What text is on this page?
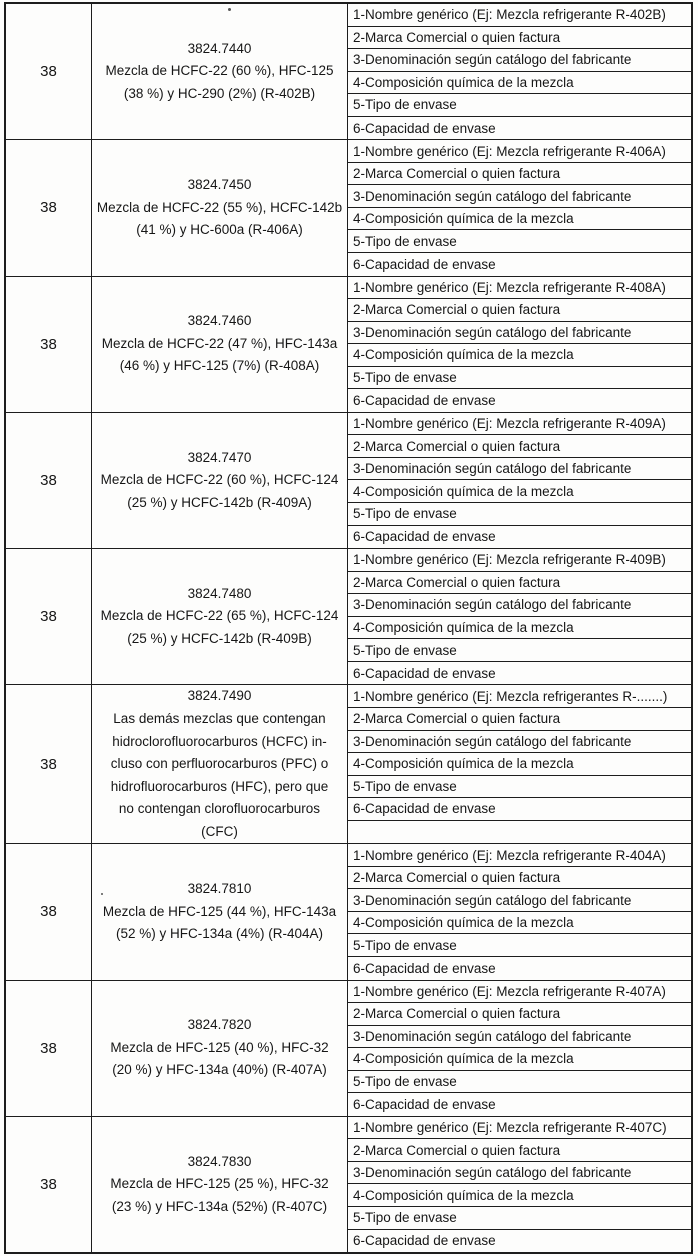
38
3824.7440
Mezcla de HCFC-22 (60 %), HFC-125
(38 %) y HC-290 (2%) (R-402B)
1-Nombre genérico (Ej: Mezcla refrigerante R-402B)
2-Marca Comercial o quien factura
3-Denominación según catálogo del fabricante
4-Composición química de la mezcla
5-Tipo de envase
6-Capacidad de envase
38
3824.7450
Mezcla de HCFC-22 (55 %), HCFC-142b
(41 %) y HC-600a (R-406A)
1-Nombre genérico (Ej: Mezcla refrigerante R-406A)
2-Marca Comercial o quien factura
3-Denominación según catálogo del fabricante
4-Composición química de la mezcla
5-Tipo de envase
6-Capacidad de envase
38
3824.7460
Mezcla de HCFC-22 (47 %), HFC-143a
(46 %) y HFC-125 (7%) (R-408A)
1-Nombre genérico (Ej: Mezcla refrigerante R-408A)
2-Marca Comercial o quien factura
3-Denominación según catálogo del fabricante
4-Composición química de la mezcla
5-Tipo de envase
6-Capacidad de envase
38
3824.7470
Mezcla de HCFC-22 (60 %), HCFC-124
(25 %) y HCFC-142b (R-409A)
1-Nombre genérico (Ej: Mezcla refrigerante R-409A)
2-Marca Comercial o quien factura
3-Denominación según catálogo del fabricante
4-Composición química de la mezcla
5-Tipo de envase
6-Capacidad de envase
38
3824.7480
Mezcla de HCFC-22 (65 %), HCFC-124
(25 %) y HCFC-142b (R-409B)
1-Nombre genérico (Ej: Mezcla refrigerante R-409B)
2-Marca Comercial o quien factura
3-Denominación según catálogo del fabricante
4-Composición química de la mezcla
5-Tipo de envase
6-Capacidad de envase
38
3824.7490
Las demás mezclas que contengan
hidroclorofluorocarburos (HCFC) in-
cluso con perfluorocarburos (PFC) o
hidrofluorocarburos (HFC), pero que
no contengan clorofluorocarburos
(CFC)
1-Nombre genérico (Ej: Mezcla refrigerantes R-.......)
2-Marca Comercial o quien factura
3-Denominación según catálogo del fabricante
4-Composición química de la mezcla
5-Tipo de envase
6-Capacidad de envase
38
3824.7810
Mezcla de HFC-125 (44 %), HFC-143a
(52 %) y HFC-134a (4%) (R-404A)
1-Nombre genérico (Ej: Mezcla refrigerante R-404A)
2-Marca Comercial o quien factura
3-Denominación según catálogo del fabricante
4-Composición química de la mezcla
5-Tipo de envase
6-Capacidad de envase
38
3824.7820
Mezcla de HFC-125 (40 %), HFC-32
(20 %) y HFC-134a (40%) (R-407A)
1-Nombre genérico (Ej: Mezcla refrigerante R-407A)
2-Marca Comercial o quien factura
3-Denominación según catálogo del fabricante
4-Composición química de la mezcla
5-Tipo de envase
6-Capacidad de envase
38
3824.7830
Mezcla de HFC-125 (25 %), HFC-32
(23 %) y HFC-134a (52%) (R-407C)
1-Nombre genérico (Ej: Mezcla refrigerante R-407C)
2-Marca Comercial o quien factura
3-Denominación según catálogo del fabricante
4-Composición química de la mezcla
5-Tipo de envase
6-Capacidad de envase
